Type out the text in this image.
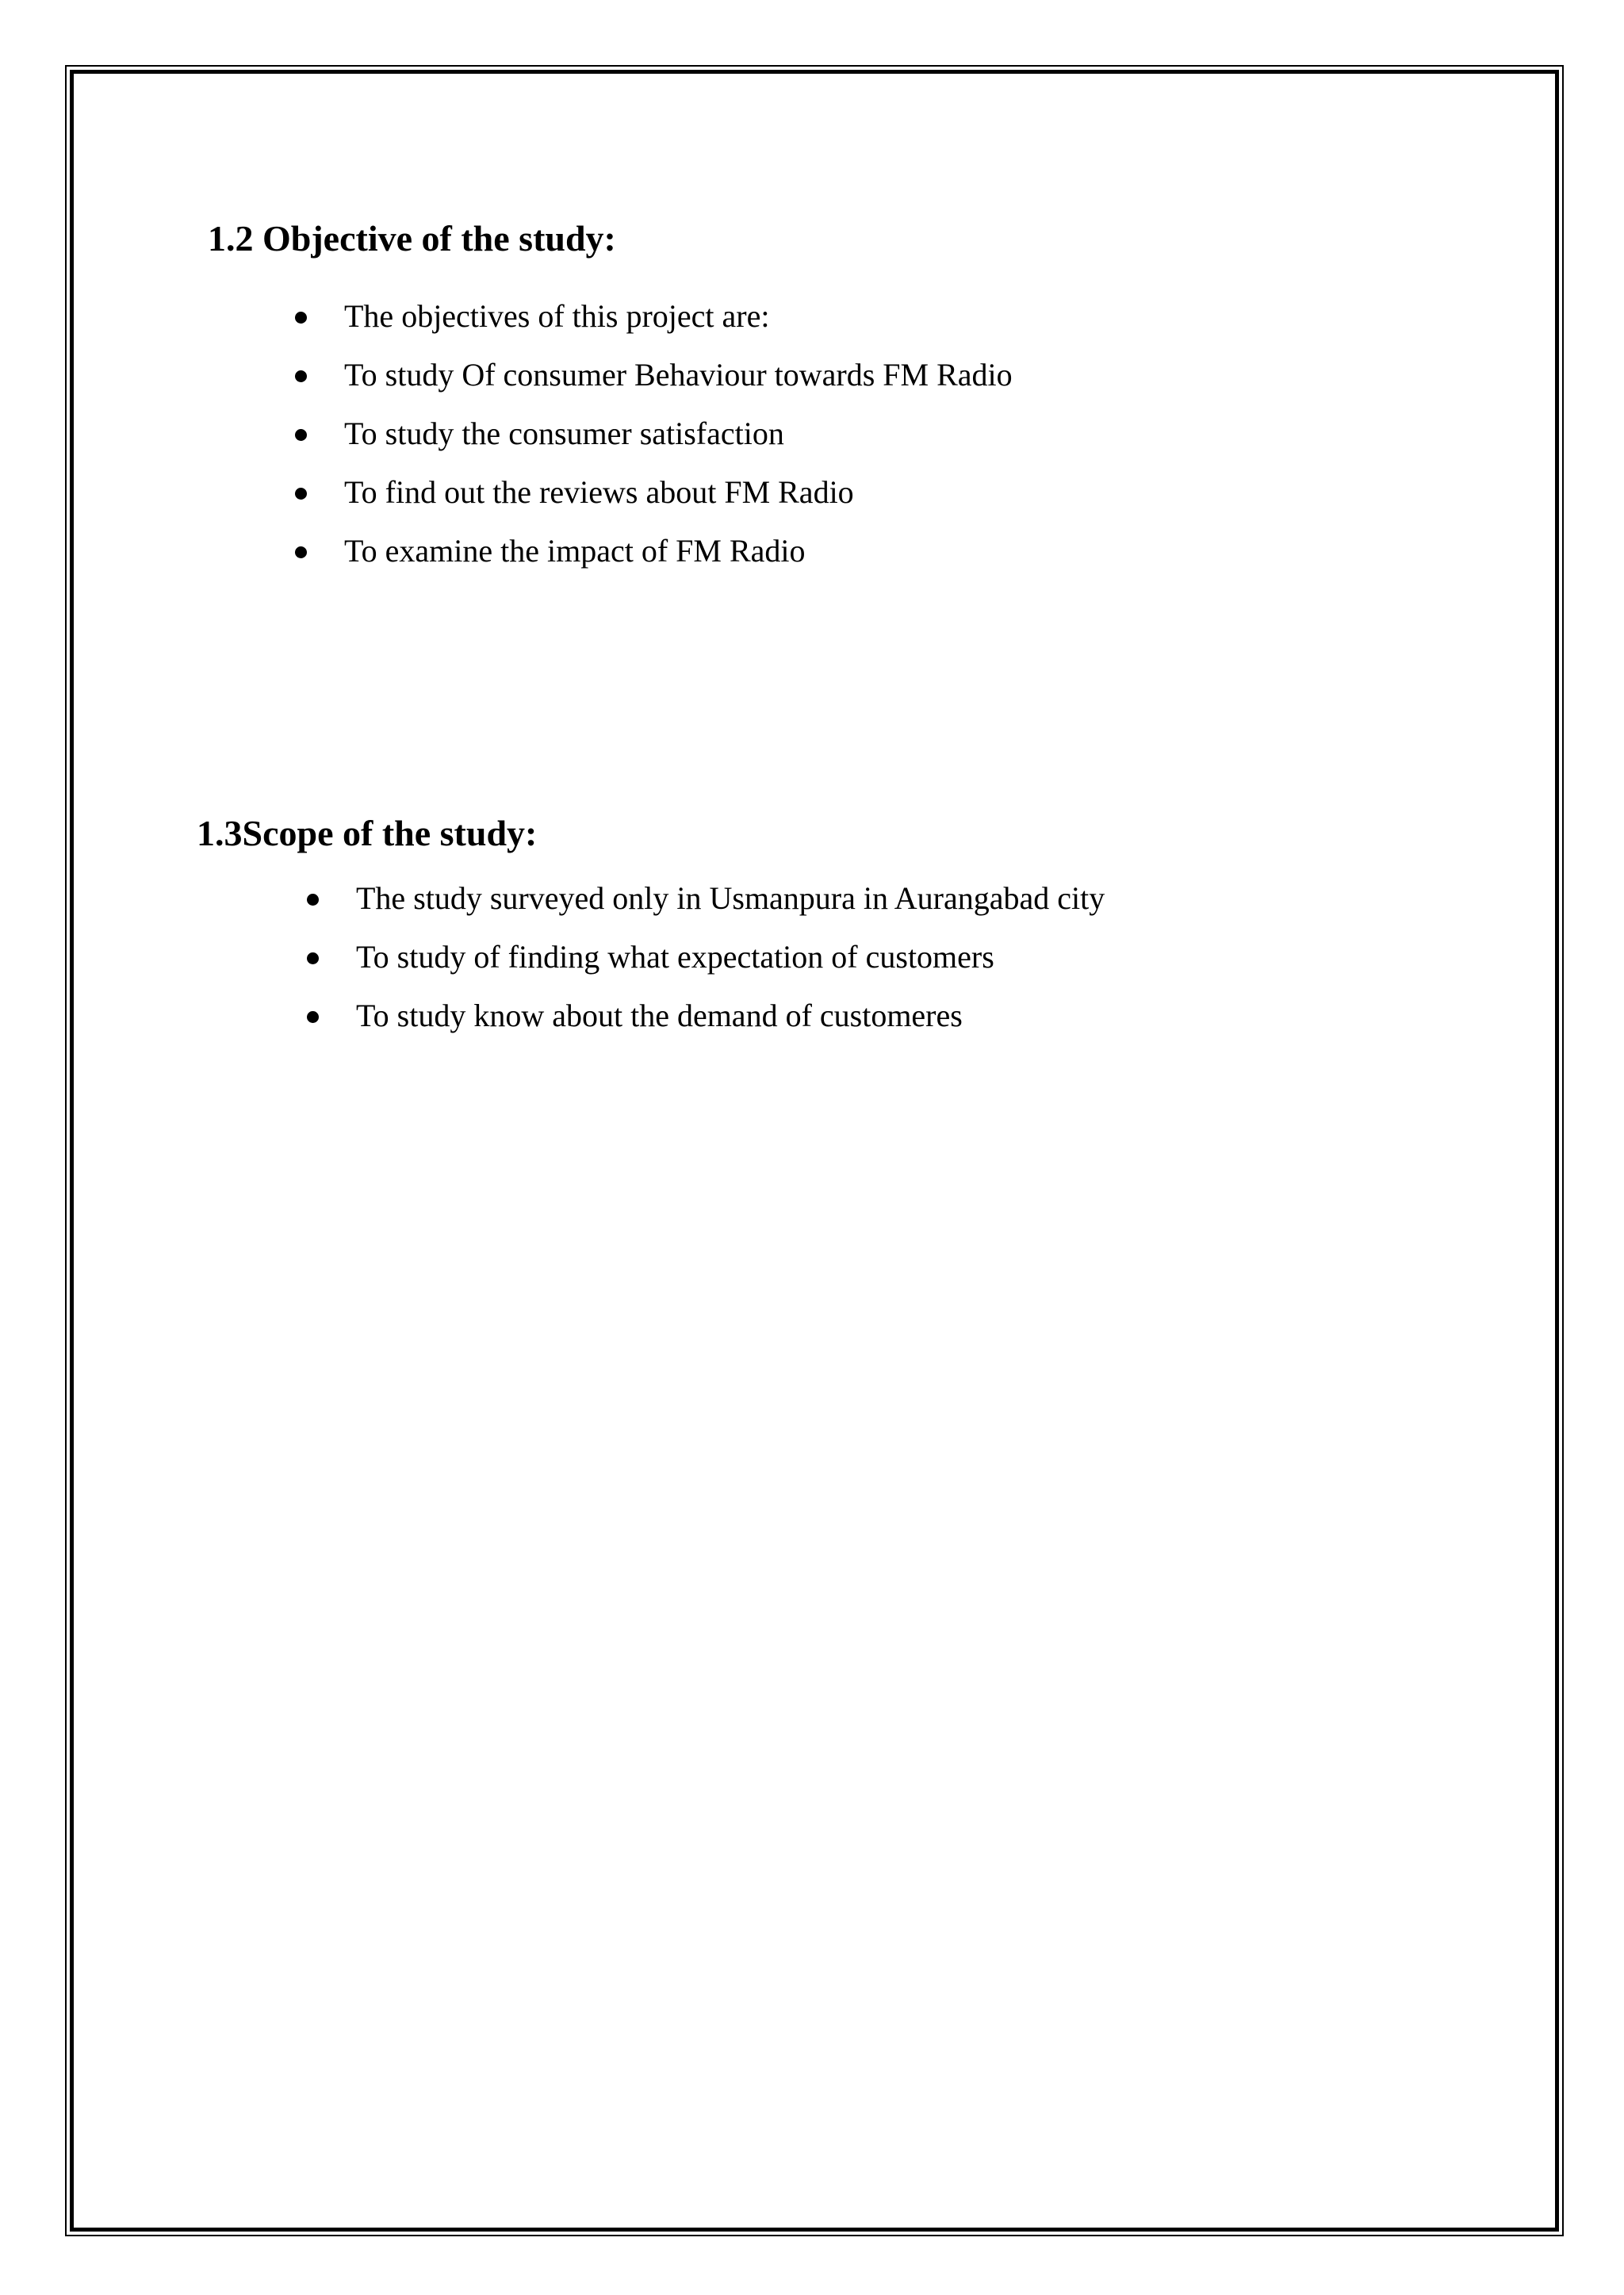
1.2 Objective of the study:
The objectives of this project are:
To study Of consumer Behaviour towards FM Radio
To study the consumer satisfaction
To find out the reviews about FM Radio
To examine the impact of FM Radio
1.3Scope of the study:
The study surveyed only in Usmanpura in Aurangabad city
To study of finding what expectation of customers
To study know about the demand of customeres
